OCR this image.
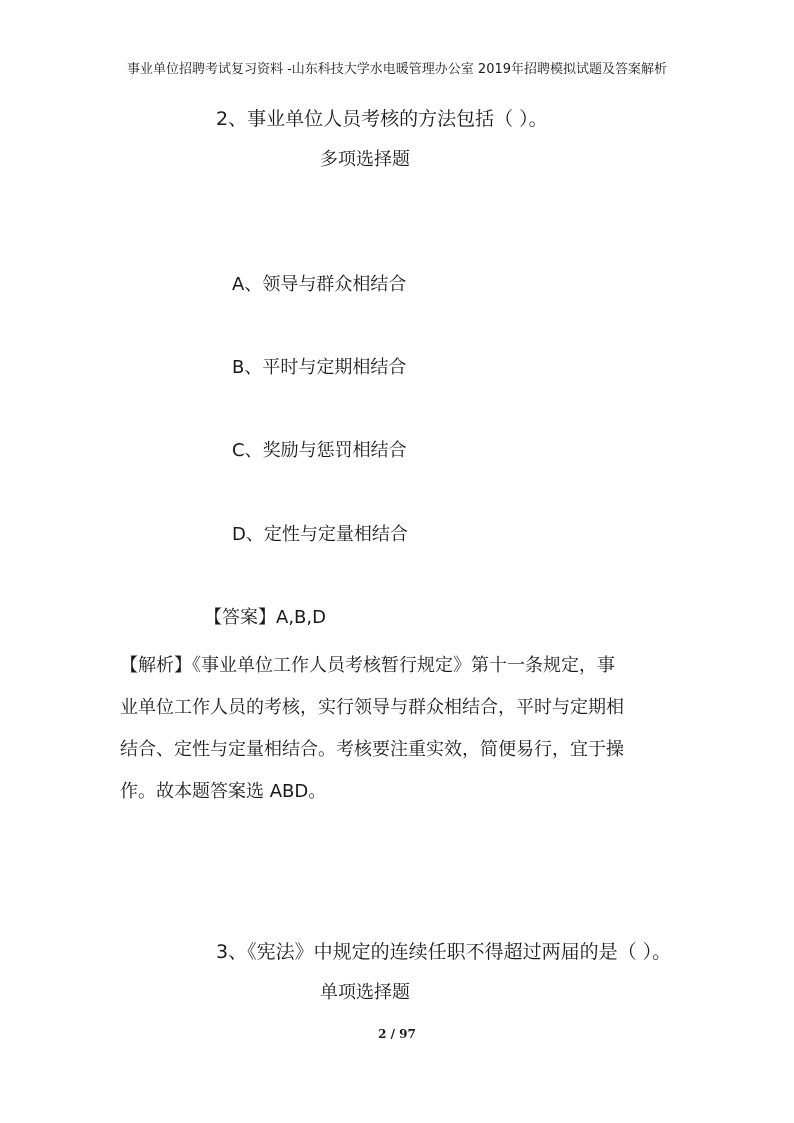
事业单位招聘考试复习资料 -山东科技大学水电暖管理办公室 2019年招聘模拟试题及答案解析
2、事业单位人员考核的方法包括（ ）。
多项选择题
A、领导与群众相结合
B、平时与定期相结合
C、奖励与惩罚相结合
D、定性与定量相结合
【答案】A,B,D
【解析】《事业单位工作人员考核暂行规定》第十一条规定，事
业单位工作人员的考核，实行领导与群众相结合，平时与定期相
结合、定性与定量相结合。考核要注重实效，简便易行，宜于操
作。故本题答案选 ABD。
3、《宪法》中规定的连续任职不得超过两届的是（ ）。
单项选择题
2 / 97
